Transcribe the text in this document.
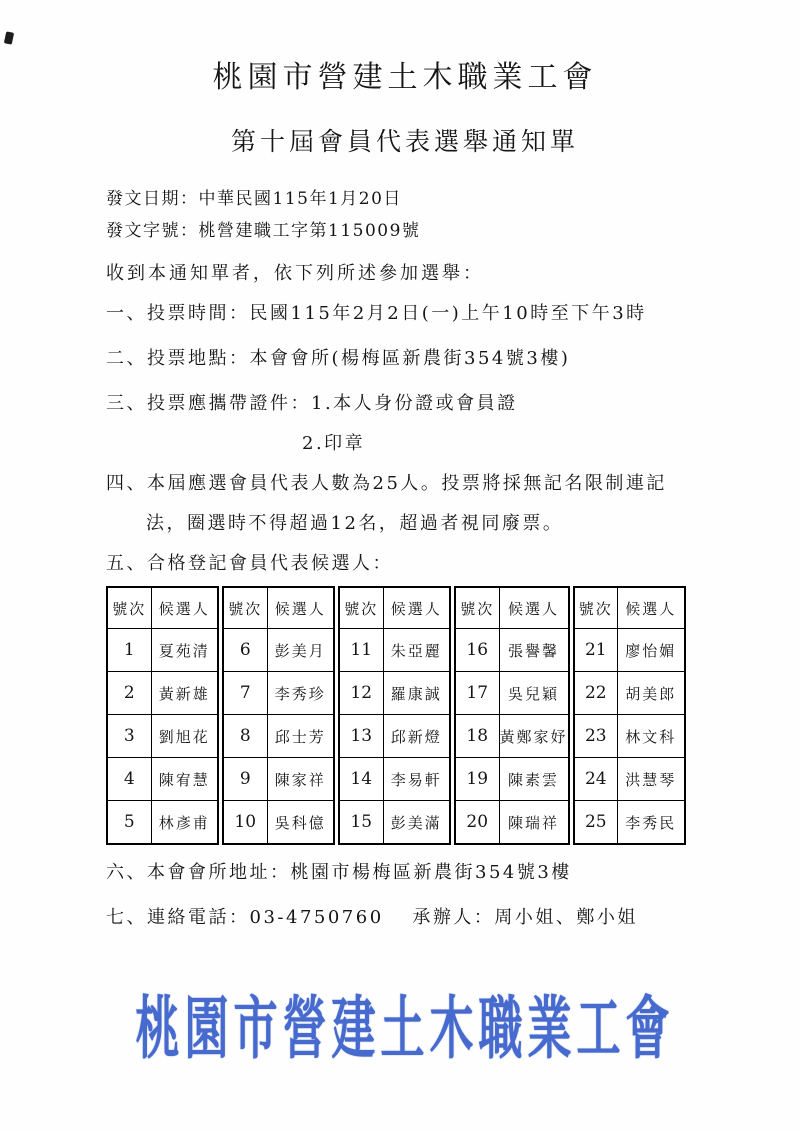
桃園市營建土木職業工會
第十屆會員代表選舉通知單

發文日期：中華民國115年1月20日

發文字號：桃營建職工字第115009號

收到本通知單者，依下列所述參加選舉：

一、投票時間：民國115年2月2日(一)上午10時至下午3時

二、投票地點：本會會所(楊梅區新農街354號3樓)

三、投票應攜帶證件：1.本人身份證或會員證

2.印章

四、本屆應選會員代表人數為25人。投票將採無記名限制連記

法，圈選時不得超過12名，超過者視同廢票。

五、合格登記會員代表候選人：

號次	候選人
1	夏苑清
2	黃新雄
3	劉旭花
4	陳宥慧
5	林彥甫
號次	候選人
6	彭美月
7	李秀珍
8	邱士芳
9	陳家祥
10	吳科億
號次	候選人
11	朱亞麗
12	羅康誠
13	邱新燈
14	李易軒
15	彭美滿
號次	候選人
16	張譽馨
17	吳兒穎
18	黃鄭家妤
19	陳素雲
20	陳瑞祥
號次	候選人
21	廖怡媚
22	胡美郎
23	林文科
24	洪慧琴
25	李秀民

六、本會會所地址：桃園市楊梅區新農街354號3樓

七、連絡電話：03-4750760　 承辦人：周小姐、鄭小姐

桃園市營建土木職業工會
